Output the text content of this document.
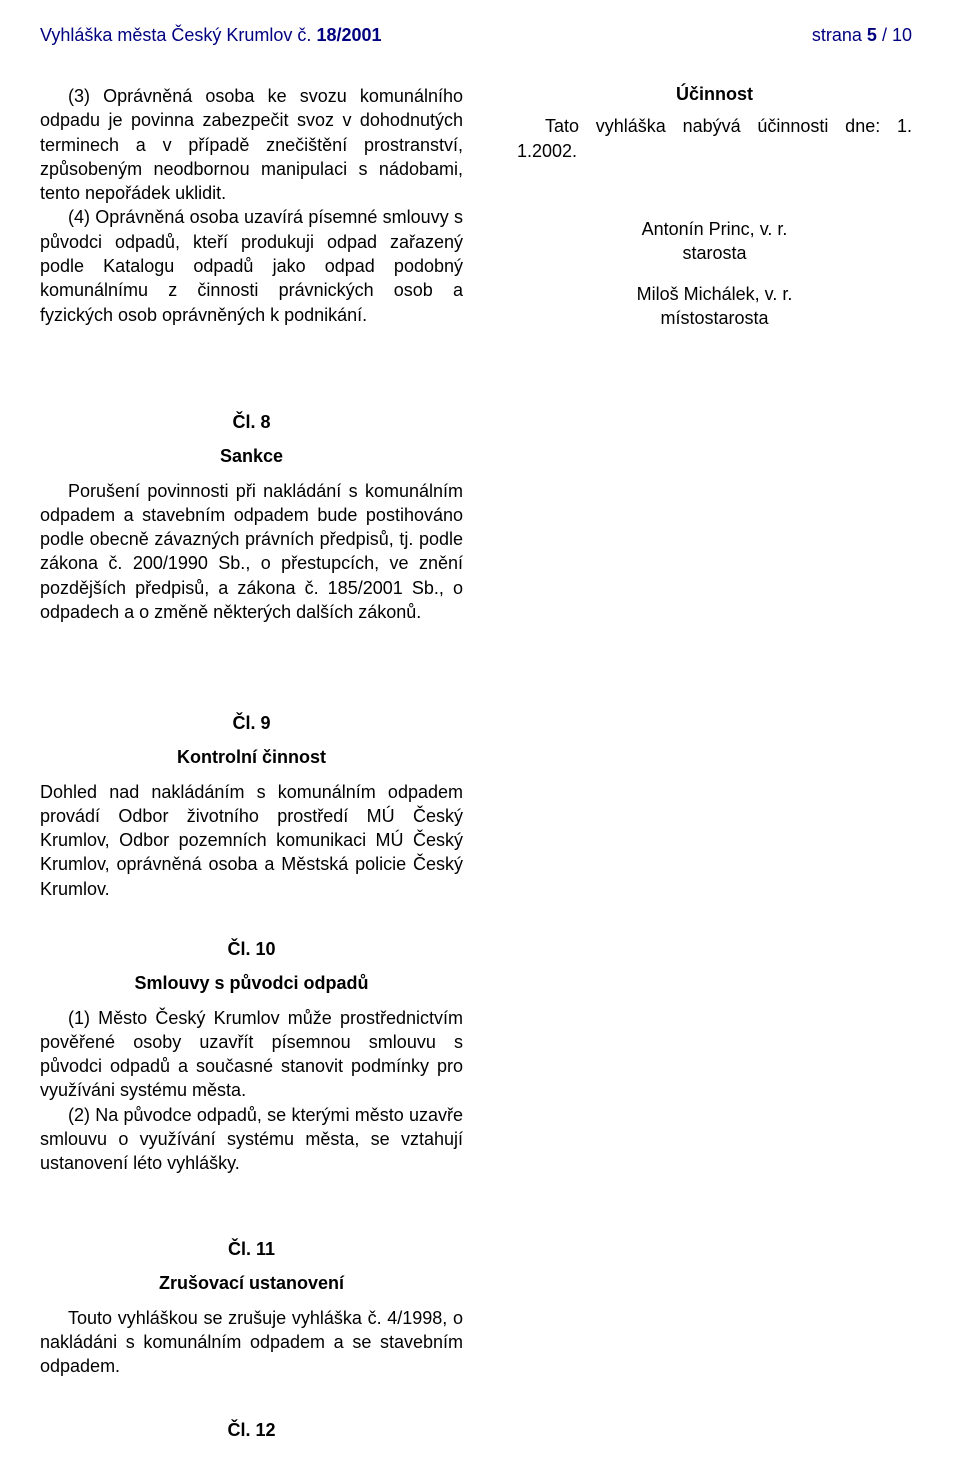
Vyhláška města Český Krumlov č. 18/2001	strana 5 / 10

(3) Oprávněná osoba ke svozu komunálního odpadu je povinna zabezpečit svoz v dohodnutých terminech a v případě znečištění prostranství, způsobeným neodbornou manipulaci s nádobami, tento nepořádek uklidit.

(4) Oprávněná osoba uzavírá písemné smlouvy s původci odpadů, kteří produkuji odpad zařazený podle Katalogu odpadů jako odpad podobný komunálnímu z činnosti právnických osob a fyzických osob oprávněných k podnikání.

Čl. 8

Sankce

Porušení povinnosti při nakládání s komunálním odpadem a stavebním odpadem bude postihováno podle obecně závazných právních předpisů, tj. podle zákona č. 200/1990 Sb., o přestupcích, ve znění pozdějších předpisů, a zákona č. 185/2001 Sb., o odpadech a o změně některých dalších zákonů.

Čl. 9

Kontrolní činnost

Dohled nad nakládáním s komunálním odpadem provádí Odbor životního prostředí MÚ Český Krumlov, Odbor pozemních komunikaci MÚ Český Krumlov, oprávněná osoba a Městská policie Český Krumlov.

Čl. 10

Smlouvy s původci odpadů

(1) Město Český Krumlov může prostřednictvím pověřené osoby uzavřít písemnou smlouvu s původci odpadů a současné stanovit podmínky pro využíváni systému města.

(2) Na původce odpadů, se kterými město uzavře smlouvu o využívání systému města, se vztahují ustanovení léto vyhlášky.

Čl. 11

Zrušovací ustanovení

Touto vyhláškou se zrušuje vyhláška č. 4/1998, o nakládáni s komunálním odpadem a se stavebním odpadem.

Čl. 12

Účinnost

Tato vyhláška nabývá účinnosti dne: 1. 1.2002.

Antonín Princ, v. r.

starosta

Miloš Michálek, v. r.

místostarosta
